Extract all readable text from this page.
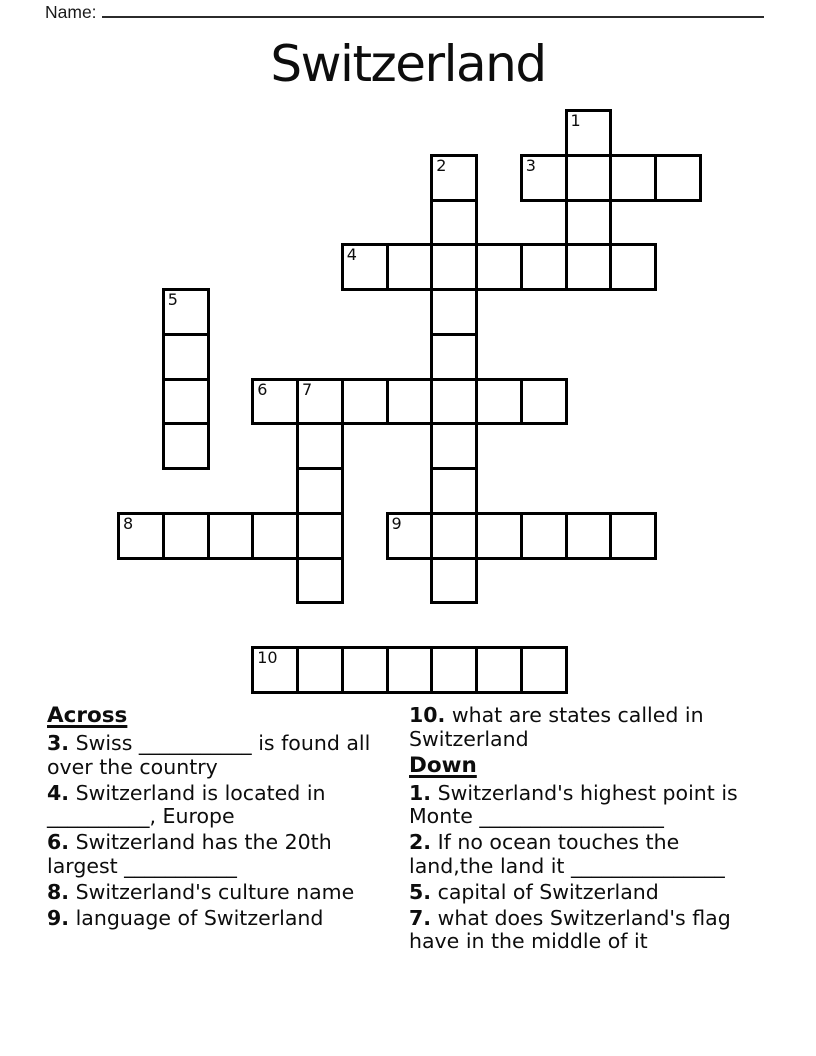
Name:
Switzerland
1
2	3
4
5
6 7
8	9
10
Across
3. Swiss ___________ is found all
over the country
4. Switzerland is located in
__________, Europe
6. Switzerland has the 20th
largest ___________
8. Switzerland's culture name
9. language of Switzerland
10. what are states called in
Switzerland
Down
1. Switzerland's highest point is
Monte __________________
2. If no ocean touches the
land,the land it _______________
5. capital of Switzerland
7. what does Switzerland's flag
have in the middle of it
